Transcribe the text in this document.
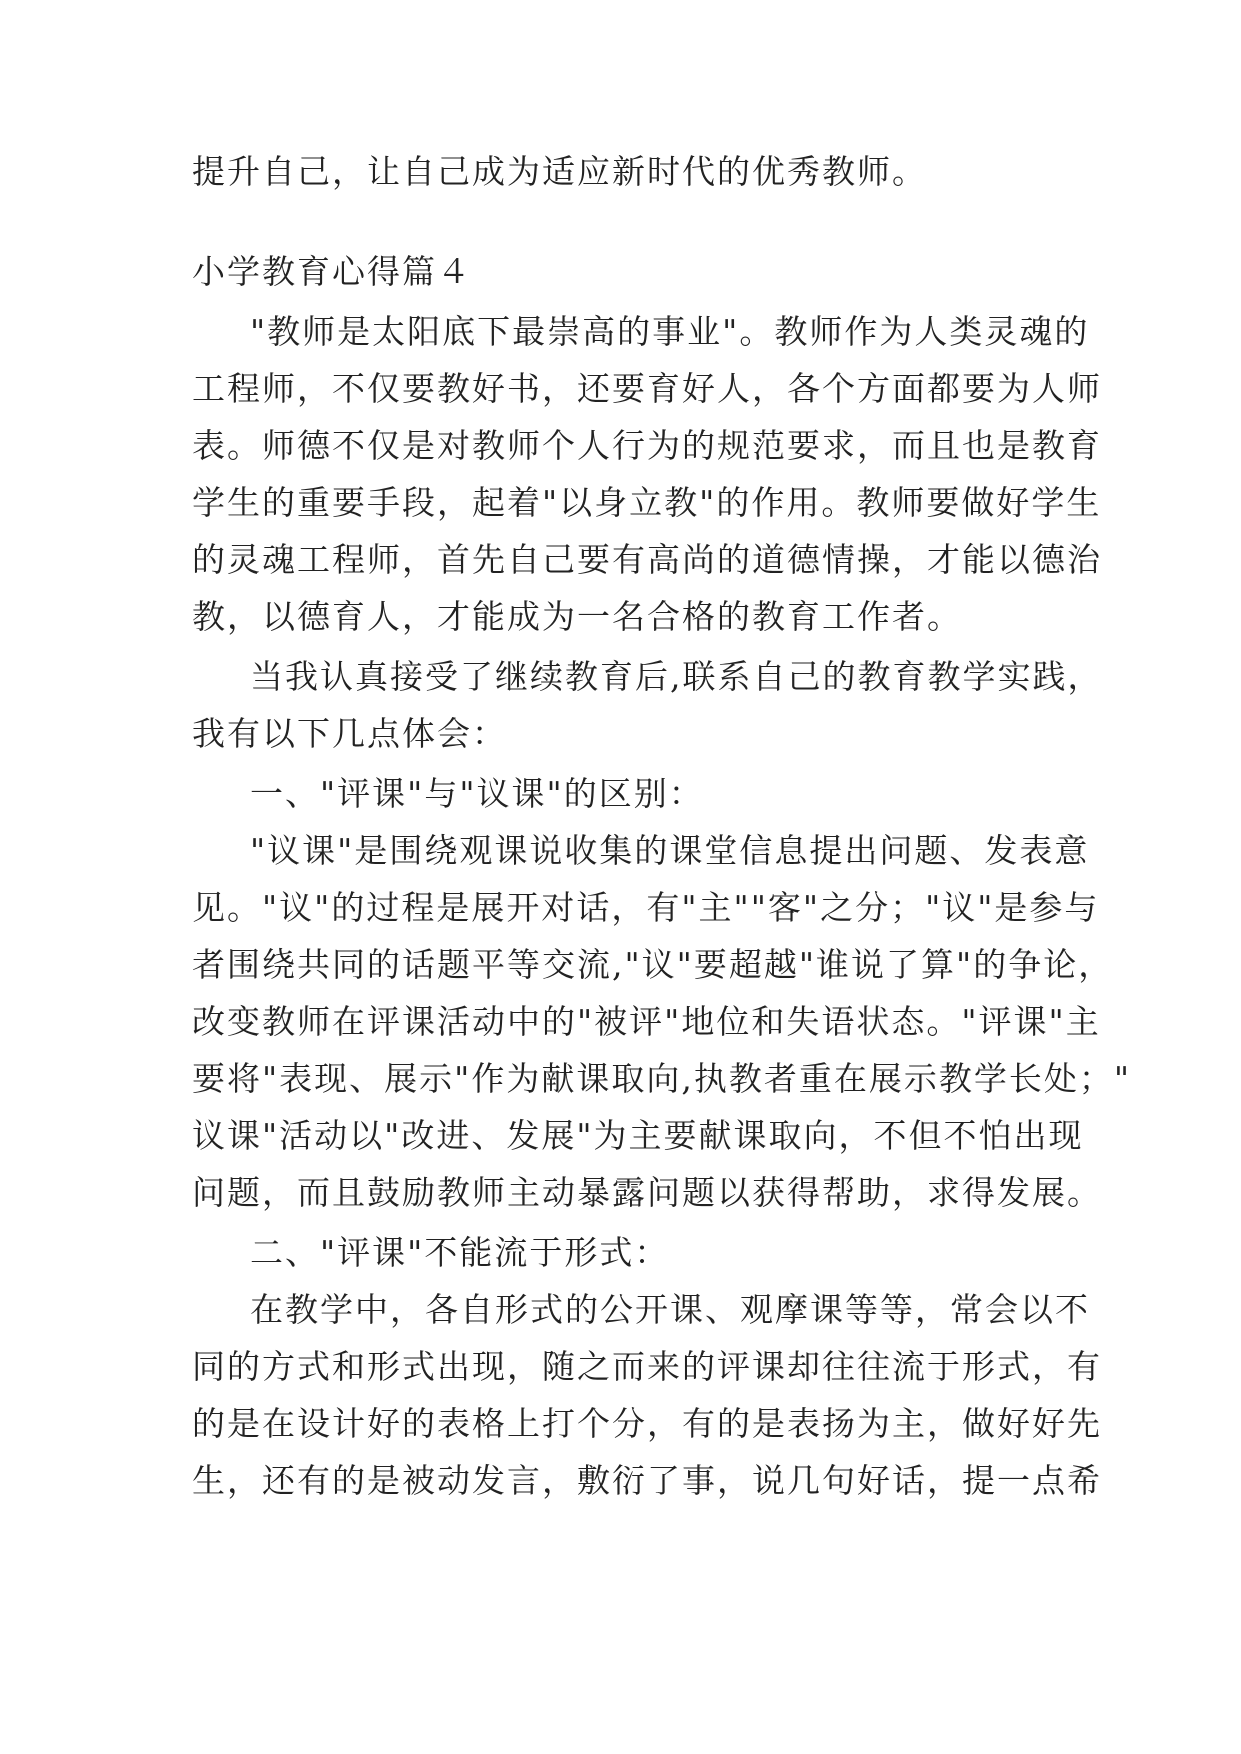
提升自己，让自己成为适应新时代的优秀教师。
小学教育心得篇４
"教师是太阳底下最崇高的事业"。教师作为人类灵魂的
工程师，不仅要教好书，还要育好人，各个方面都要为人师
表。师德不仅是对教师个人行为的规范要求，而且也是教育
学生的重要手段，起着"以身立教"的作用。教师要做好学生
的灵魂工程师，首先自己要有高尚的道德情操，才能以德治
教，以德育人，才能成为一名合格的教育工作者。
当我认真接受了继续教育后,联系自己的教育教学实践，
我有以下几点体会：
一、"评课"与"议课"的区别：
"议课"是围绕观课说收集的课堂信息提出问题、发表意
见。"议"的过程是展开对话，有"主""客"之分；"议"是参与
者围绕共同的话题平等交流,"议"要超越"谁说了算"的争论，
改变教师在评课活动中的"被评"地位和失语状态。"评课"主
要将"表现、展示"作为献课取向,执教者重在展示教学长处；"
议课"活动以"改进、发展"为主要献课取向，不但不怕出现
问题，而且鼓励教师主动暴露问题以获得帮助，求得发展。
二、"评课"不能流于形式：
在教学中，各自形式的公开课、观摩课等等，常会以不
同的方式和形式出现，随之而来的评课却往往流于形式，有
的是在设计好的表格上打个分，有的是表扬为主，做好好先
生，还有的是被动发言，敷衍了事，说几句好话，提一点希
